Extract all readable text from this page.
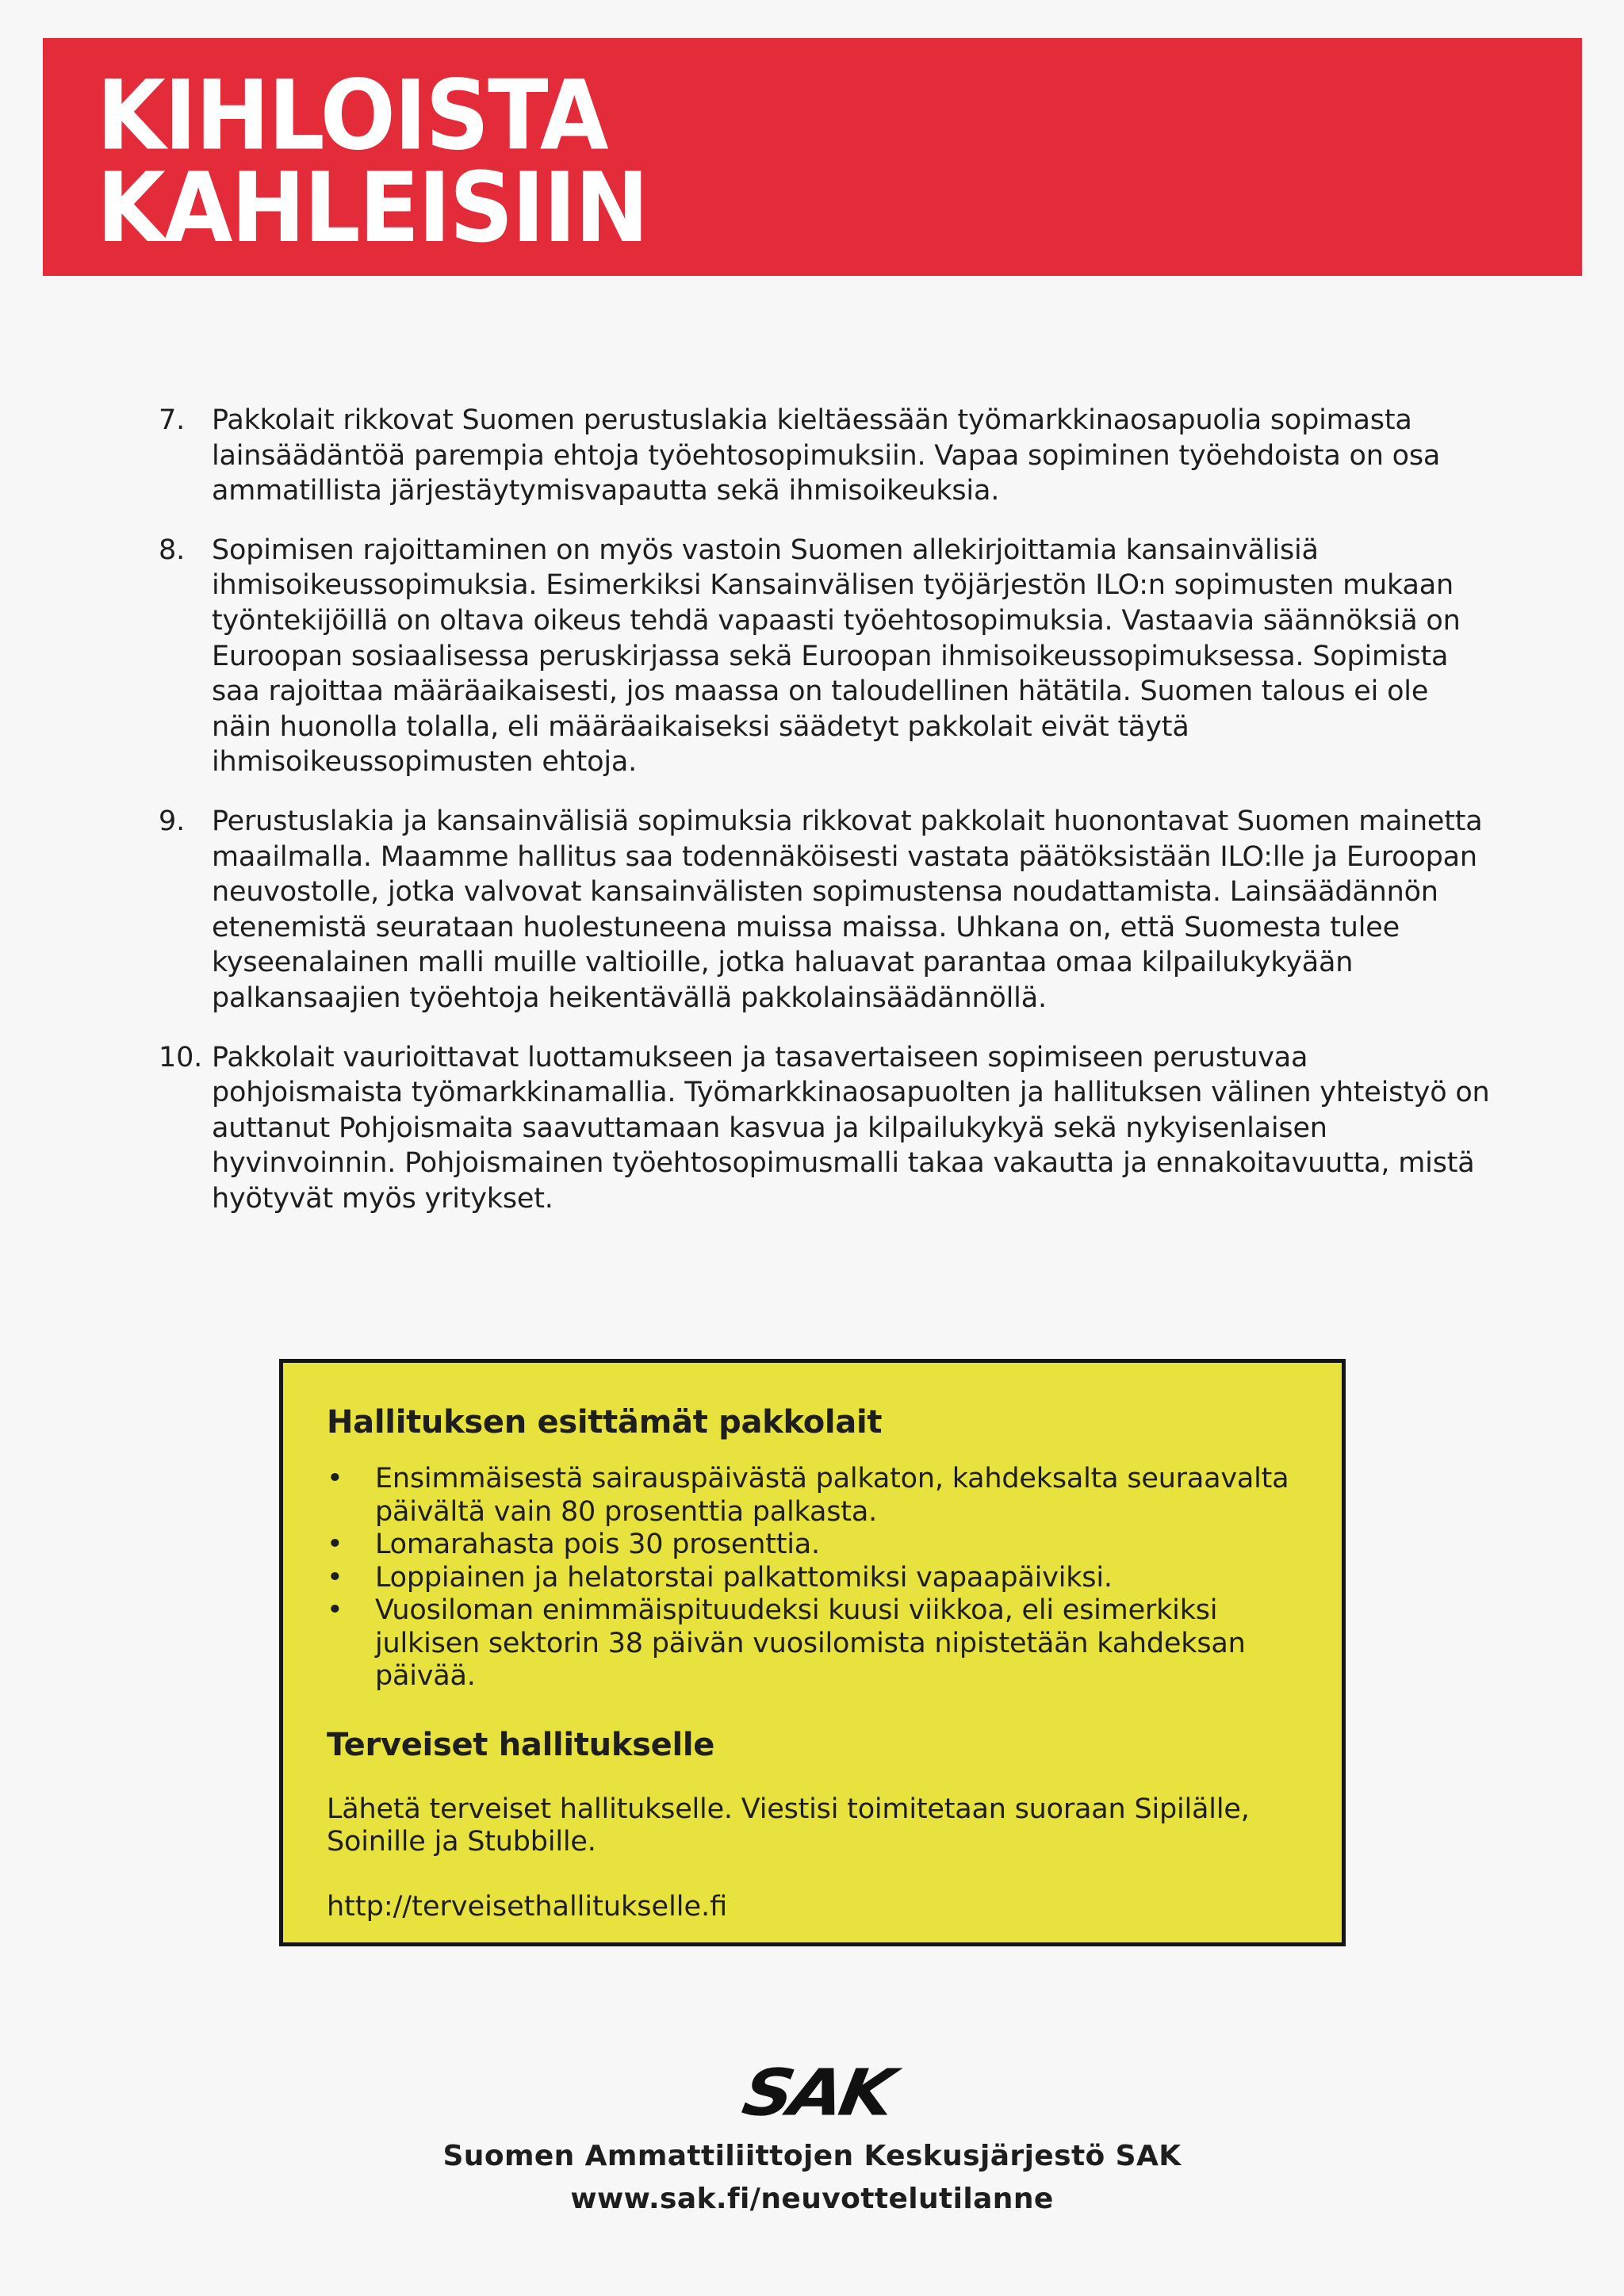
KIHLOISTA
KAHLEISIIN
7. Pakkolait rikkovat Suomen perustuslakia kieltäessään työmarkkinaosapuolia sopimasta lainsäädäntöä parempia ehtoja työehtosopimuksiin. Vapaa sopiminen työehdoista on osa ammatillista järjestäytymisvapautta sekä ihmisoikeuksia.
8. Sopimisen rajoittaminen on myös vastoin Suomen allekirjoittamia kansainvälisiä ihmisoikeussopimuksia. Esimerkiksi Kansainvälisen työjärjestön ILO:n sopimusten mukaan työntekijöillä on oltava oikeus tehdä vapaasti työehtosopimuksia. Vastaavia säännöksiä on Euroopan sosiaalisessa peruskirjassa sekä Euroopan ihmisoikeussopimuksessa. Sopimista saa rajoittaa määräaikaisesti, jos maassa on taloudellinen hätätila. Suomen talous ei ole näin huonolla tolalla, eli määräaikaiseksi säädetyt pakkolait eivät täytä ihmisoikeussopimusten ehtoja.
9. Perustuslakia ja kansainvälisiä sopimuksia rikkovat pakkolait huonontavat Suomen mainetta maailmalla. Maamme hallitus saa todennäköisesti vastata päätöksistään ILO:lle ja Euroopan neuvostolle, jotka valvovat kansainvälisten sopimustensa noudattamista. Lainsäädännön etenemistä seurataan huolestuneena muissa maissa. Uhkana on, että Suomesta tulee kyseenalainen malli muille valtioille, jotka haluavat parantaa omaa kilpailukykyään palkansaajien työehtoja heikentävällä pakkolainsäädännöllä.
10. Pakkolait vaurioittavat luottamukseen ja tasavertaiseen sopimiseen perustuvaa pohjoismaista työmarkkinamallia. Työmarkkinaosapuolten ja hallituksen välinen yhteistyö on auttanut Pohjoismaita saavuttamaan kasvua ja kilpailukykyä sekä nykyisenlaisen hyvinvoinnin. Pohjoismainen työehtosopimusmalli takaa vakautta ja ennakoitavuutta, mistä hyötyvät myös yritykset.
Hallituksen esittämät pakkolait
• Ensimmäisestä sairauspäivästä palkaton, kahdeksalta seuraavalta päivältä vain 80 prosenttia palkasta.
• Lomarahasta pois 30 prosenttia.
• Loppiainen ja helatorstai palkattomiksi vapaapäiviksi.
• Vuosiloman enimmäispituudeksi kuusi viikkoa, eli esimerkiksi julkisen sektorin 38 päivän vuosilomista nipistetään kahdeksan päivää.
Terveiset hallitukselle

Lähetä terveiset hallitukselle. Viestisi toimitetaan suoraan Sipilälle, Soinille ja Stubbille.

http://terveisethallitukselle.fi
SAK

Suomen Ammattiliittojen Keskusjärjestö SAK

www.sak.fi/neuvottelutilanne
